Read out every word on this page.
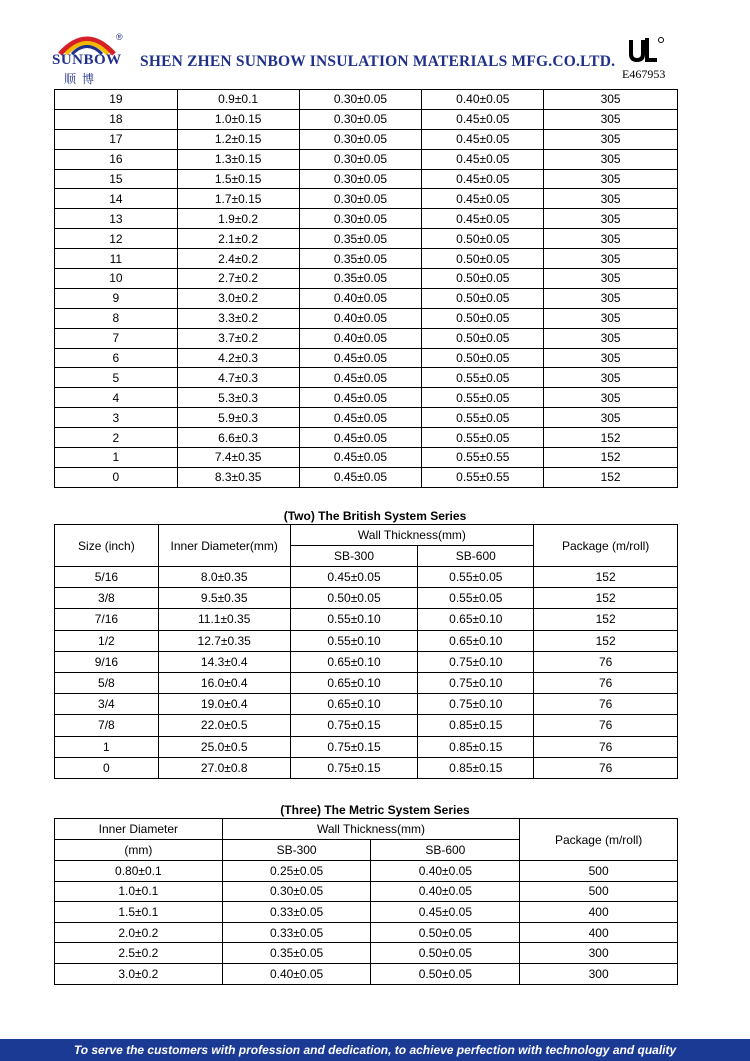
®
SUNBOW
顺博
SHEN ZHEN SUNBOW INSULATION MATERIALS MFG.CO.LTD.
E467953
19	0.9±0.1	0.30±0.05	0.40±0.05	305
18	1.0±0.15	0.30±0.05	0.45±0.05	305
17	1.2±0.15	0.30±0.05	0.45±0.05	305
16	1.3±0.15	0.30±0.05	0.45±0.05	305
15	1.5±0.15	0.30±0.05	0.45±0.05	305
14	1.7±0.15	0.30±0.05	0.45±0.05	305
13	1.9±0.2	0.30±0.05	0.45±0.05	305
12	2.1±0.2	0.35±0.05	0.50±0.05	305
11	2.4±0.2	0.35±0.05	0.50±0.05	305
10	2.7±0.2	0.35±0.05	0.50±0.05	305
9	3.0±0.2	0.40±0.05	0.50±0.05	305
8	3.3±0.2	0.40±0.05	0.50±0.05	305
7	3.7±0.2	0.40±0.05	0.50±0.05	305
6	4.2±0.3	0.45±0.05	0.50±0.05	305
5	4.7±0.3	0.45±0.05	0.55±0.05	305
4	5.3±0.3	0.45±0.05	0.55±0.05	305
3	5.9±0.3	0.45±0.05	0.55±0.05	305
2	6.6±0.3	0.45±0.05	0.55±0.05	152
1	7.4±0.35	0.45±0.05	0.55±0.55	152
0	8.3±0.35	0.45±0.05	0.55±0.55	152
(Two) The British System Series
Size (inch)	Inner Diameter(mm)	Wall Thickness(mm)		Package (m/roll)
		SB-300	SB-600	
5/16	8.0±0.35	0.45±0.05	0.55±0.05	152
3/8	9.5±0.35	0.50±0.05	0.55±0.05	152
7/16	11.1±0.35	0.55±0.10	0.65±0.10	152
1/2	12.7±0.35	0.55±0.10	0.65±0.10	152
9/16	14.3±0.4	0.65±0.10	0.75±0.10	76
5/8	16.0±0.4	0.65±0.10	0.75±0.10	76
3/4	19.0±0.4	0.65±0.10	0.75±0.10	76
7/8	22.0±0.5	0.75±0.15	0.85±0.15	76
1	25.0±0.5	0.75±0.15	0.85±0.15	76
0	27.0±0.8	0.75±0.15	0.85±0.15	76
(Three) The Metric System Series
Inner Diameter	Wall Thickness(mm)		Package (m/roll)
(mm)	SB-300	SB-600	
0.80±0.1	0.25±0.05	0.40±0.05	500
1.0±0.1	0.30±0.05	0.40±0.05	500
1.5±0.1	0.33±0.05	0.45±0.05	400
2.0±0.2	0.33±0.05	0.50±0.05	400
2.5±0.2	0.35±0.05	0.50±0.05	300
3.0±0.2	0.40±0.05	0.50±0.05	300
To serve the customers with profession and dedication, to achieve perfection with technology and quality
